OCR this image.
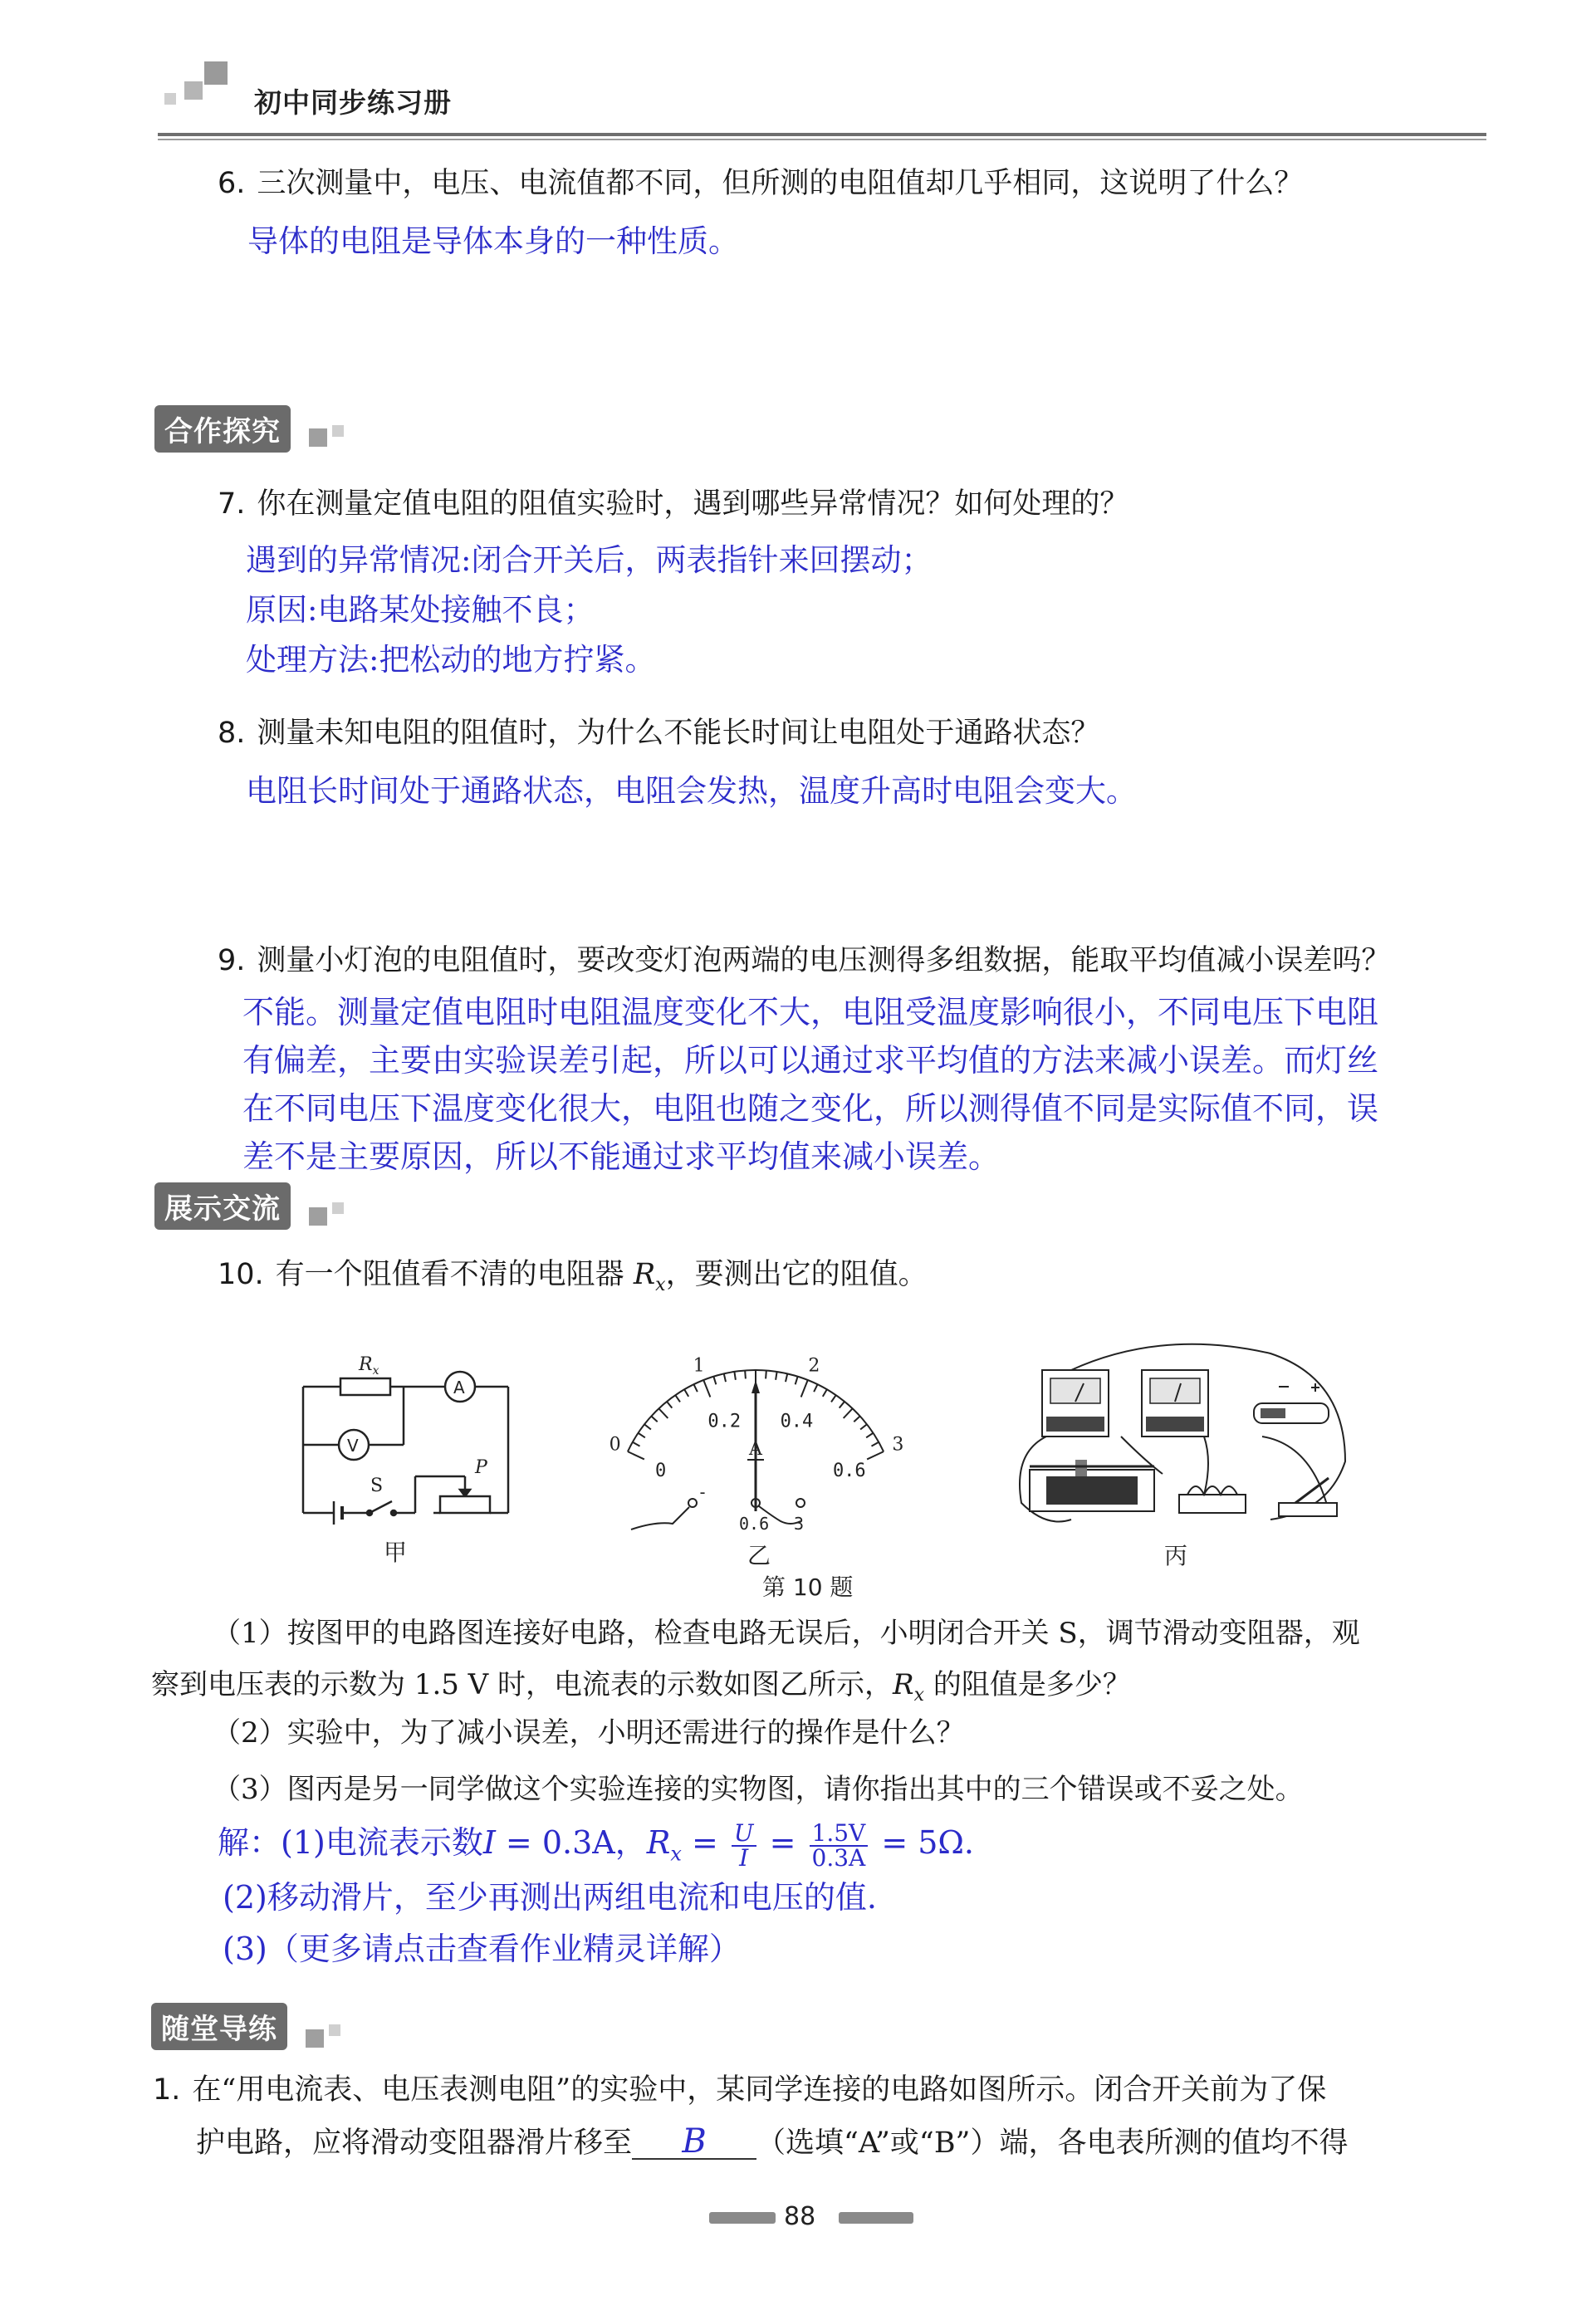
初中同步练习册
6. 三次测量中，电压、电流值都不同，但所测的电阻值却几乎相同，这说明了什么？
导体的电阻是导体本身的一种性质。
合作探究
7. 你在测量定值电阻的阻值实验时，遇到哪些异常情况？如何处理的？
遇到的异常情况:闭合开关后，两表指针来回摆动；
原因:电路某处接触不良；
处理方法:把松动的地方拧紧。
8. 测量未知电阻的阻值时，为什么不能长时间让电阻处于通路状态？
电阻长时间处于通路状态，电阻会发热，温度升高时电阻会变大。
9. 测量小灯泡的电阻值时，要改变灯泡两端的电压测得多组数据，能取平均值减小误差吗？
不能。测量定值电阻时电阻温度变化不大，电阻受温度影响很小，不同电压下电阻
有偏差，主要由实验误差引起，所以可以通过求平均值的方法来减小误差。而灯丝
在不同电压下温度变化很大，电阻也随之变化，所以测得值不同是实际值不同，误
差不是主要原因，所以不能通过求平均值来减小误差。
展示交流
10. 有一个阻值看不清的电阻器 $R_x$，要测出它的阻值。
$R_x$
A
V
S
P
甲
0
1	2
3
0
0.2 0.4
0.6
A
-
0.6 3
乙
第 10 题
丙
（1）按图甲的电路图连接好电路，检查电路无误后，小明闭合开关 S，调节滑动变阻器，观
察到电压表的示数为 1.5 V 时，电流表的示数如图乙所示，$R_x$ 的阻值是多少？
（2）实验中，为了减小误差，小明还需进行的操作是什么？
（3）图丙是另一同学做这个实验连接的实物图，请你指出其中的三个错误或不妥之处。
解：(1)电流表示数I = 0.3A，$R_x = \frac{U}{I} = \frac{1.5V}{0.3A} = 5\Omega$.
(2)移动滑片，至少再测出两组电流和电压的值.
(3)（更多请点击查看作业精灵详解）
随堂导练
1. 在“用电流表、电压表测电阻”的实验中，某同学连接的电路如图所示。闭合开关前为了保
护电路，应将滑动变阻器滑片移至 B （选填“A”或“B”）端，各电表所测的值均不得
88
